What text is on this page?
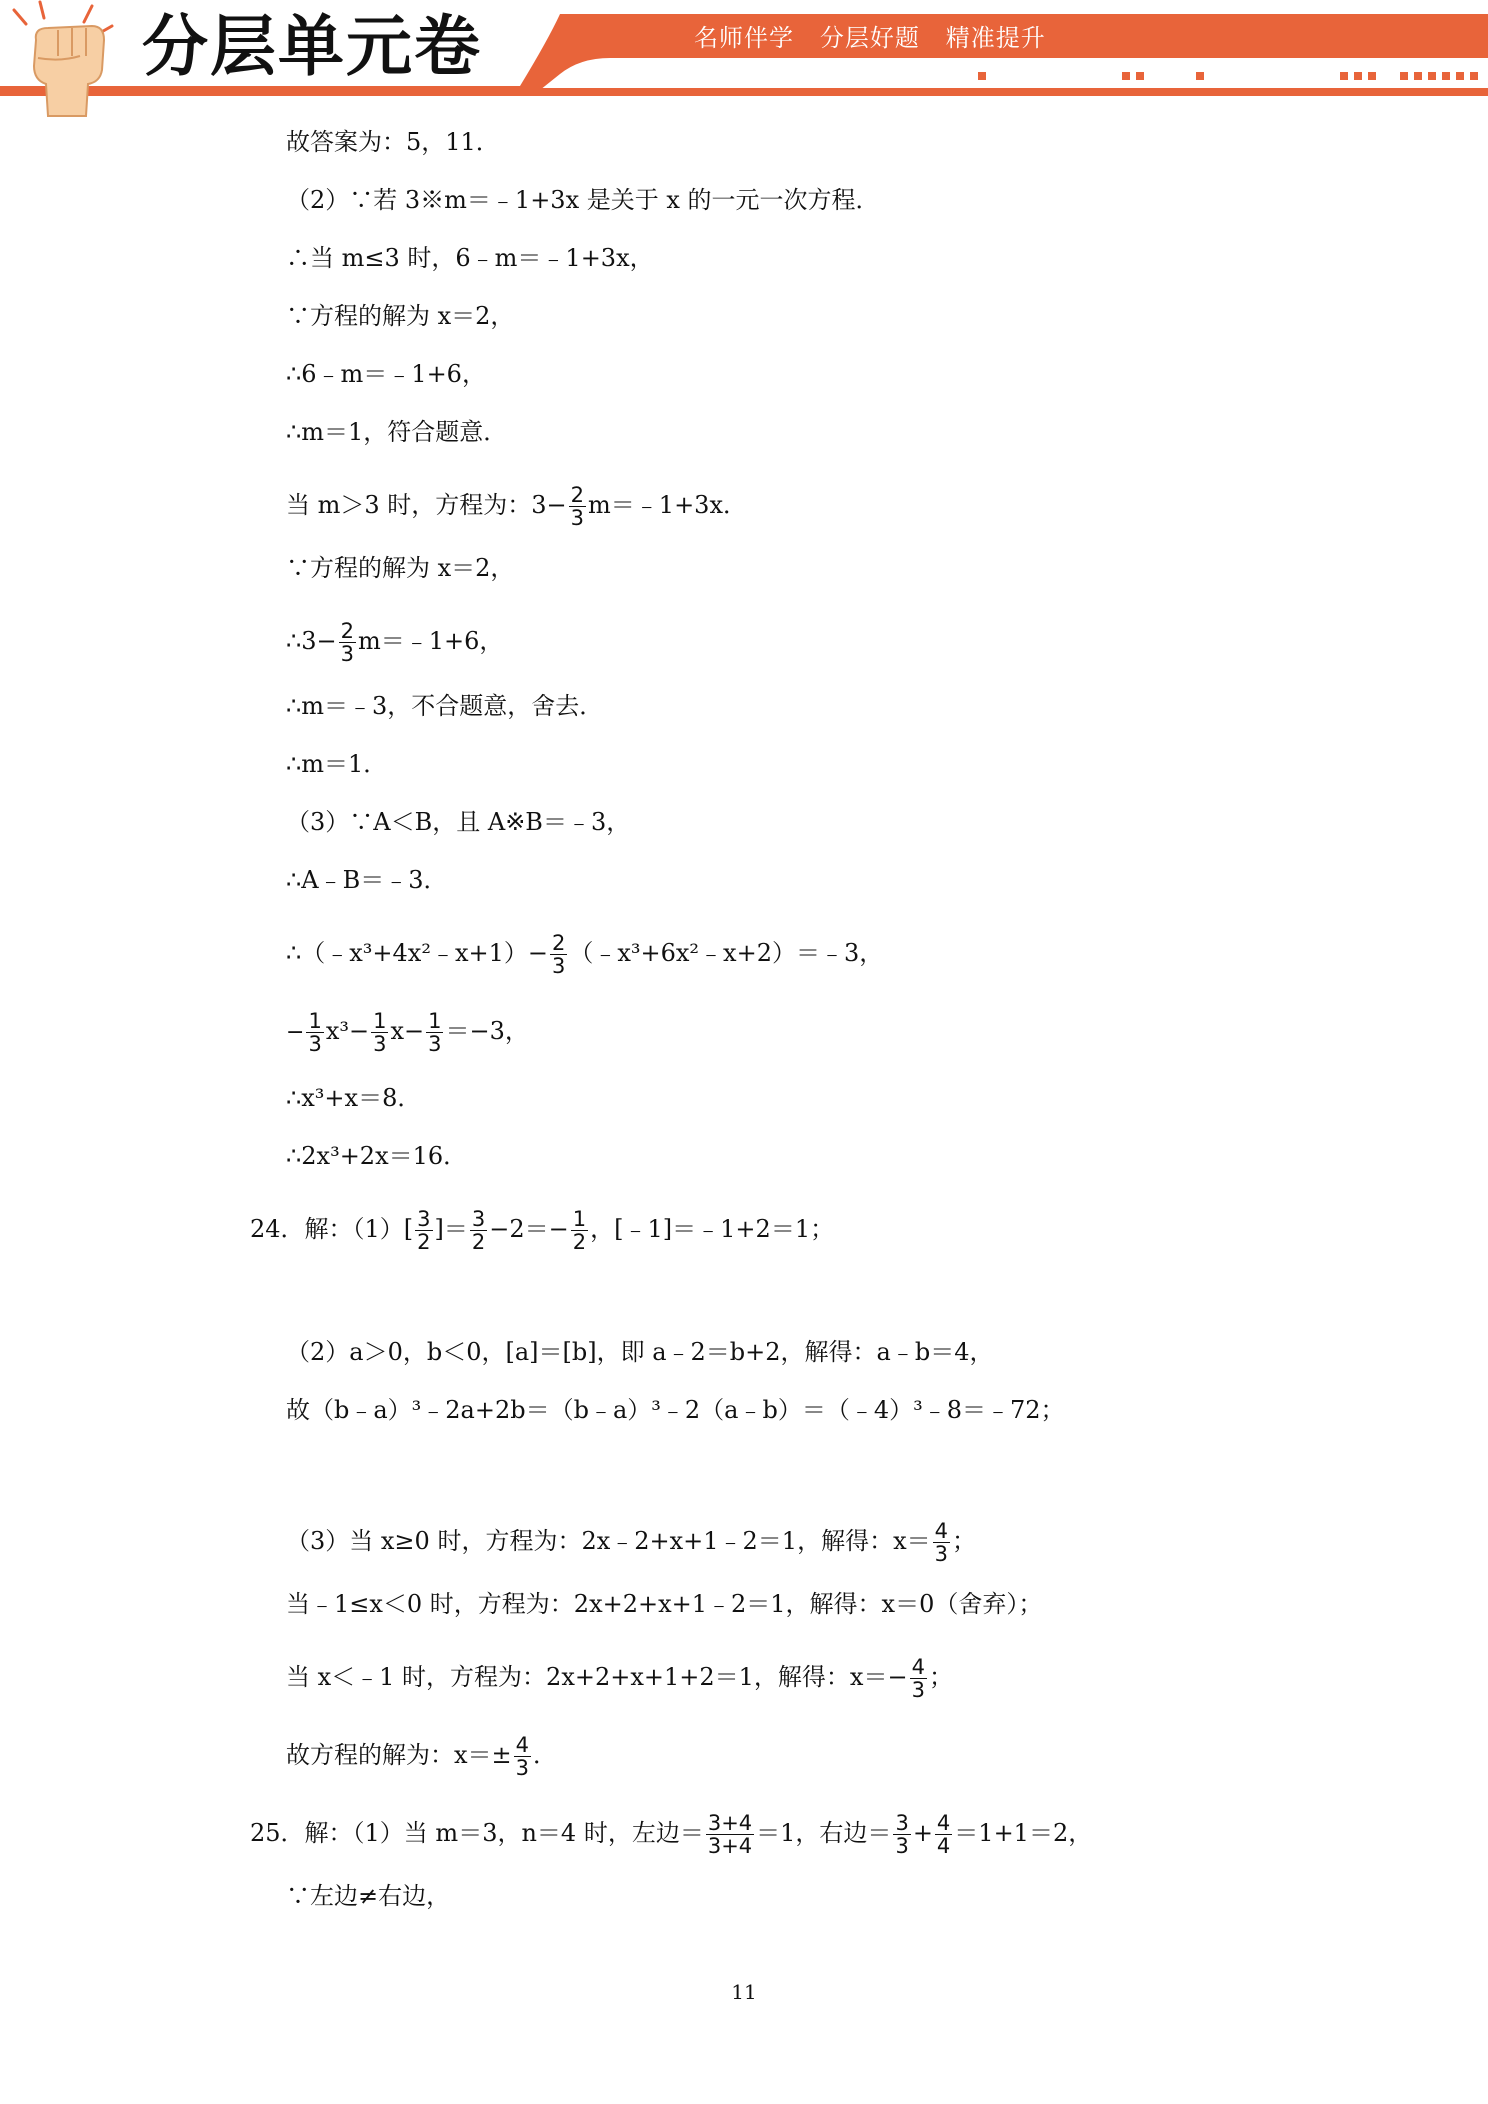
分层单元卷	名师伴学   分层好题   精准提升
故答案为：5，11．
（2）∵若 3※m＝﹣1+3x 是关于 x 的一元一次方程．
∴当 m≤3 时，6﹣m＝﹣1+3x，
∵方程的解为 x＝2，
∴6﹣m＝﹣1+6，
∴m＝1，符合题意．
当 m＞3 时，方程为：$3- \frac{2}{3}$ m＝﹣1+3x．
∵方程的解为 x＝2，
∴3− $\frac{2}{3}$ m＝﹣1+6，
∴m＝﹣3，不合题意，舍去．
∴m＝1．
（3）∵A＜B，且 A※B＝﹣3，
∴A﹣B＝﹣3．
∴（﹣x³+4x²﹣x+1）− $\frac{2}{3}$ （﹣x³+6x²﹣x+2）＝﹣3，
− $\frac{1}{3} x^3- \frac{1}{3} x- \frac{1}{3} =-3$，
∴x³+x＝8．
∴2x³+2x＝16．
24．解：$(1)[ \frac{3}{2}$ ]＝ $\frac{3}{2} -2=- \frac{1}{2}$ ，[﹣1]＝﹣1+2＝1；
（2）a＞0，b＜0，[a]＝[b]，即 a﹣2＝b+2，解得：a﹣b＝4，
故（b﹣a）³﹣2a+2b＝（b﹣a）³﹣2（a﹣b）＝（﹣4）³﹣8＝﹣72；
（3）当 x≥0 时，方程为：2x﹣2+x+1﹣2＝1，解得：$x= \frac{4}{3}$ ；
当﹣1≤x＜0 时，方程为：2x+2+x+1﹣2＝1，解得：x＝0（舍弃）；
当 x＜﹣1 时，方程为：2x+2+x+1+2＝1，解得：$x=- \frac{4}{3}$ ；
故方程的解为：$x=\pm \frac{4}{3}$ ．
25．解：（1）当 m＝3，n＝4 时，左边＝ $\frac{3+4}{3+4} =1$，右边＝ $\frac{3}{3} + \frac{4}{4} =1+1=2$，
∵左边≠右边，
11
